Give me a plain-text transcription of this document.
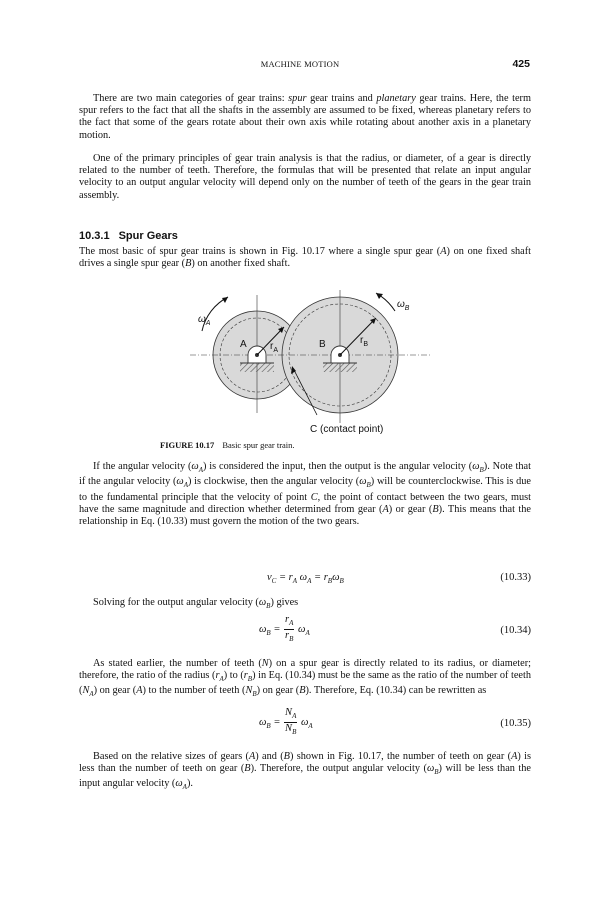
MACHINE MOTION	425

There are two main categories of gear trains: spur gear trains and planetary gear trains. Here, the term spur refers to the fact that all the shafts in the assembly are assumed to be fixed, whereas planetary refers to the fact that some of the gears rotate about their own axis while rotating about another axis in a planetary motion.

One of the primary principles of gear train analysis is that the radius, or diameter, of a gear is directly related to the number of teeth. Therefore, the formulas that will be presented that relate an input angular velocity to an output angular velocity will depend only on the number of teeth of the gears in the gear train assembly.

10.3.1 Spur Gears

The most basic of spur gear trains is shown in Fig. 10.17 where a single spur gear (A) on one fixed shaft drives a single spur gear (B) on another fixed shaft.

A	B
$r_A$
$r_B$
$\omega_A$
$\omega_B$
C (contact point)
FIGURE 10.17 Basic spur gear train.

If the angular velocity $(\omega_A)$ is considered the input, then the output is the angular velocity $(\omega_B)$. Note that if the angular velocity $(\omega_A)$ is clockwise, then the angular velocity $(\omega_B)$ will be counterclockwise. This is due to the fundamental principle that the velocity of point C, the point of contact between the two gears, must have the same magnitude and direction whether determined from gear (A) or gear (B). This means that the relationship in Eq. (10.33) must govern the motion of the two gears.

$v_C = r_A$ $\omega_A = r_B\omega_B$	(10.33)

Solving for the output angular velocity $(\omega_B)$ gives

$\omega_B = \frac{r_A}{r_B} \omega_A$	(10.34)

As stated earlier, the number of teeth (N) on a spur gear is directly related to its radius, or diameter; therefore, the ratio of the radius $(r_A)$ to $(r_B)$ in Eq. (10.34) must be the same as the ratio of the number of teeth $(N_A)$ on gear (A) to the number of teeth $(N_B)$ on gear (B). Therefore, Eq. (10.34) can be rewritten as

$\omega_B = \frac{N_A}{N_B} \omega_A$	(10.35)

Based on the relative sizes of gears (A) and (B) shown in Fig. 10.17, the number of teeth on gear (A) is less than the number of teeth on gear (B). Therefore, the output angular velocity $(\omega_B)$ will be less than the input angular velocity $(\omega_A)$.
